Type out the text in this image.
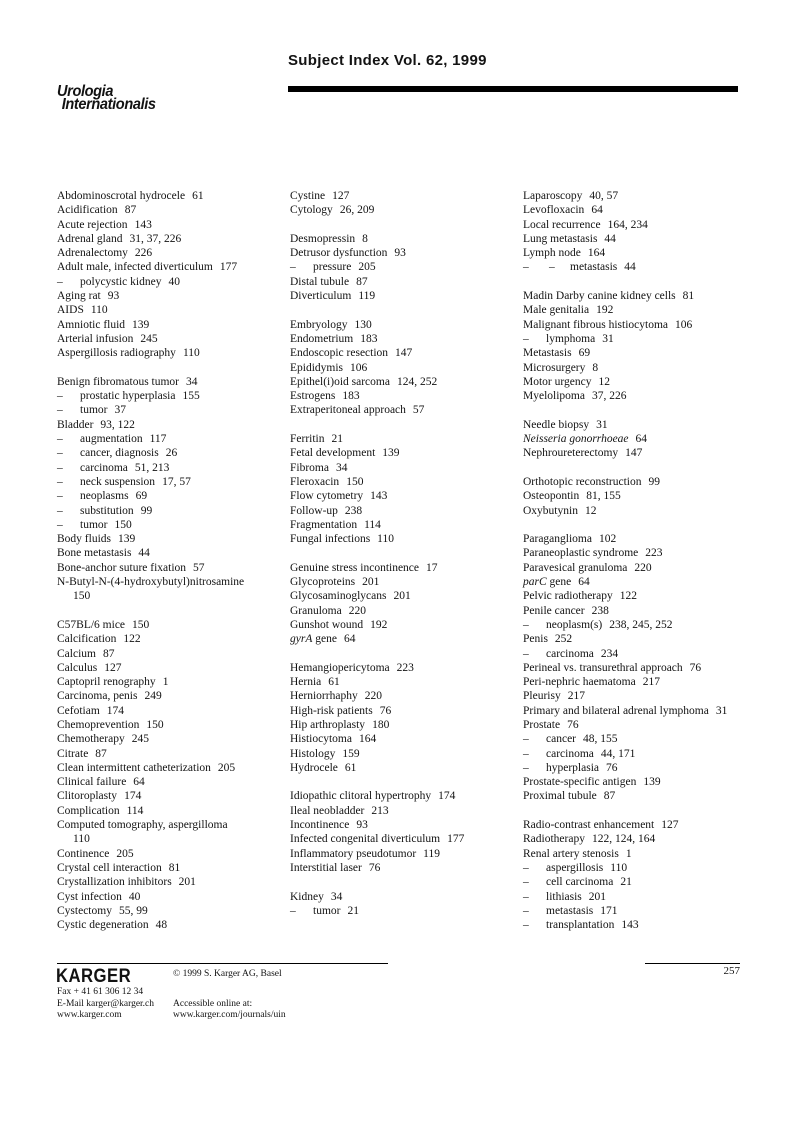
Subject Index Vol. 62, 1999
Urologia
Internationalis
Abdominoscrotal hydrocele 61
Acidification 87
Acute rejection 143
Adrenal gland 31, 37, 226
Adrenalectomy 226
Adult male, infected diverticulum 177
– polycystic kidney 40
Aging rat 93
AIDS 110
Amniotic fluid 139
Arterial infusion 245
Aspergillosis radiography 110
Benign fibromatous tumor 34
– prostatic hyperplasia 155
– tumor 37
Bladder 93, 122
– augmentation 117
– cancer, diagnosis 26
– carcinoma 51, 213
– neck suspension 17, 57
– neoplasms 69
– substitution 99
– tumor 150
Body fluids 139
Bone metastasis 44
Bone-anchor suture fixation 57
N-Butyl-N-(4-hydroxybutyl)nitrosamine
150
C57BL/6 mice 150
Calcification 122
Calcium 87
Calculus 127
Captopril renography 1
Carcinoma, penis 249
Cefotiam 174
Chemoprevention 150
Chemotherapy 245
Citrate 87
Clean intermittent catheterization 205
Clinical failure 64
Clitoroplasty 174
Complication 114
Computed tomography, aspergilloma
110
Continence 205
Crystal cell interaction 81
Crystallization inhibitors 201
Cyst infection 40
Cystectomy 55, 99
Cystic degeneration 48
Cystine 127
Cytology 26, 209
Desmopressin 8
Detrusor dysfunction 93
– pressure 205
Distal tubule 87
Diverticulum 119
Embryology 130
Endometrium 183
Endoscopic resection 147
Epididymis 106
Epithel(i)oid sarcoma 124, 252
Estrogens 183
Extraperitoneal approach 57
Ferritin 21
Fetal development 139
Fibroma 34
Fleroxacin 150
Flow cytometry 143
Follow-up 238
Fragmentation 114
Fungal infections 110
Genuine stress incontinence 17
Glycoproteins 201
Glycosaminoglycans 201
Granuloma 220
Gunshot wound 192
gyrA gene 64
Hemangiopericytoma 223
Hernia 61
Herniorrhaphy 220
High-risk patients 76
Hip arthroplasty 180
Histiocytoma 164
Histology 159
Hydrocele 61
Idiopathic clitoral hypertrophy 174
Ileal neobladder 213
Incontinence 93
Infected congenital diverticulum 177
Inflammatory pseudotumor 119
Interstitial laser 76
Kidney 34
– tumor 21
Laparoscopy 40, 57
Levofloxacin 64
Local recurrence 164, 234
Lung metastasis 44
Lymph node 164
– – metastasis 44
Madin Darby canine kidney cells 81
Male genitalia 192
Malignant fibrous histiocytoma 106
– lymphoma 31
Metastasis 69
Microsurgery 8
Motor urgency 12
Myelolipoma 37, 226
Needle biopsy 31
Neisseria gonorrhoeae 64
Nephroureterectomy 147
Orthotopic reconstruction 99
Osteopontin 81, 155
Oxybutynin 12
Paraganglioma 102
Paraneoplastic syndrome 223
Paravesical granuloma 220
parC gene 64
Pelvic radiotherapy 122
Penile cancer 238
– neoplasm(s) 238, 245, 252
Penis 252
– carcinoma 234
Perineal vs. transurethral approach 76
Peri-nephric haematoma 217
Pleurisy 217
Primary and bilateral adrenal lymphoma 31
Prostate 76
– cancer 48, 155
– carcinoma 44, 171
– hyperplasia 76
Prostate-specific antigen 139
Proximal tubule 87
Radio-contrast enhancement 127
Radiotherapy 122, 124, 164
Renal artery stenosis 1
– aspergillosis 110
– cell carcinoma 21
– lithiasis 201
– metastasis 171
– transplantation 143
KARGER	© 1999 S. Karger AG, Basel
Fax + 41 61 306 12 34
E-Mail karger@karger.ch
www.karger.com
Accessible online at:
www.karger.com/journals/uin
257
